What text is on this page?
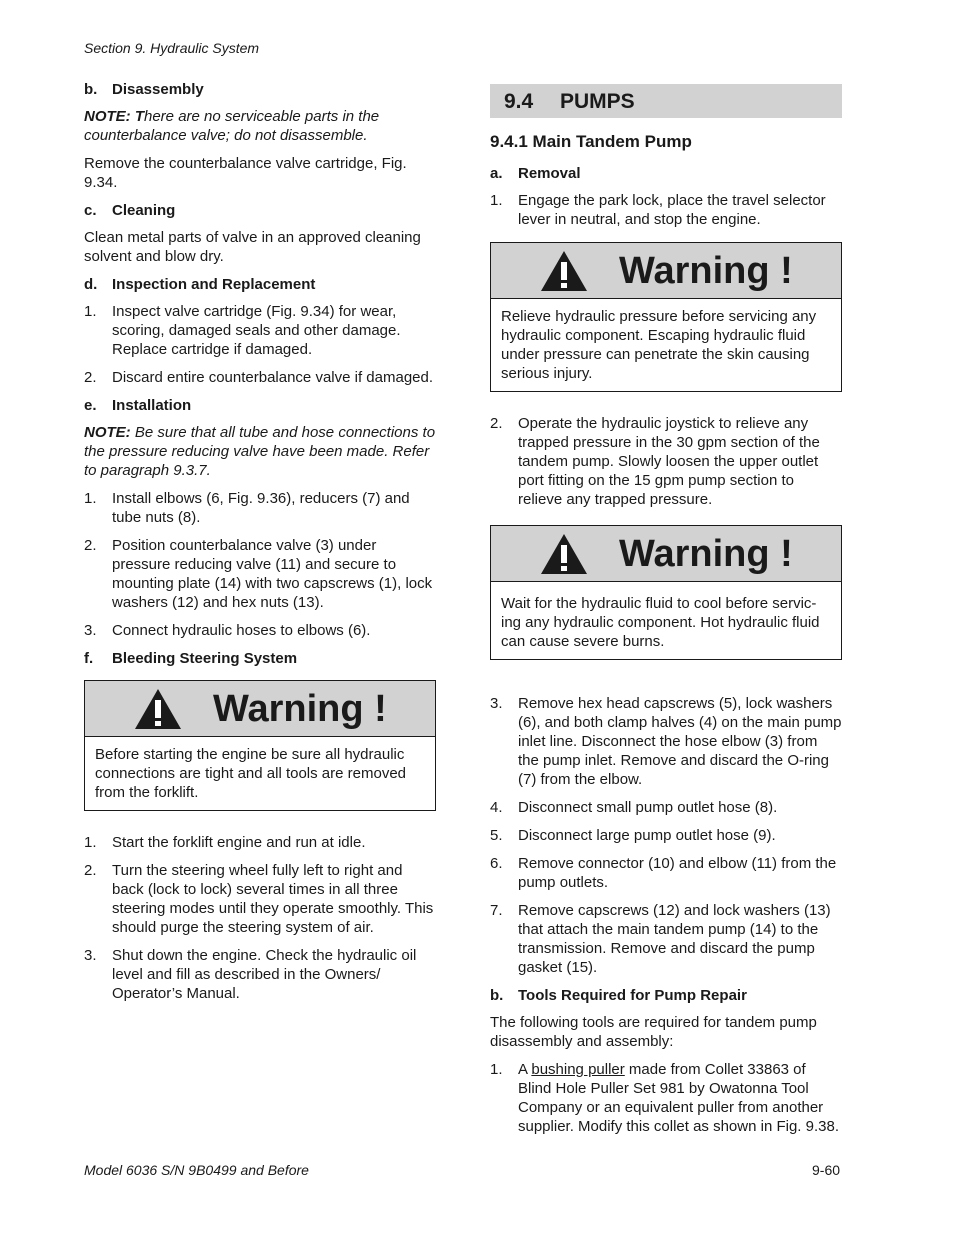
Section 9. Hydraulic System
b. Disassembly
NOTE: There are no serviceable parts in the counterbalance valve; do not disassemble.

Remove the counterbalance valve cartridge, Fig. 9.34.

c.	Cleaning

Clean metal parts of valve in an approved cleaning solvent and blow dry.

d. Inspection and Replacement
1.	Inspect valve cartridge (Fig. 9.34) for wear, scoring, damaged seals and other damage. Replace cartridge if damaged.
2.	Discard entire counterbalance valve if damaged.
e.	Installation
NOTE: Be sure that all tube and hose connections to the pressure reducing valve have been made. Refer to paragraph 9.3.7.
1.	Install elbows (6, Fig. 9.36), reducers (7) and tube nuts (8).
2.	Position counterbalance valve (3) under pressure reducing valve (11) and secure to mounting plate (14) with two capscrews (1), lock washers (12) and hex nuts (13).
3.	Connect hydraulic hoses to elbows (6).
f.	Bleeding Steering System
Warning !
Before starting the engine be sure all hydraulic connections are tight and all tools are removed from the forklift.
1.	Start the forklift engine and run at idle.
2.	Turn the steering wheel fully left to right and back (lock to lock) several times in all three steering modes until they operate smoothly. This should purge the steering system of air.
3.	Shut down the engine. Check the hydraulic oil level and fill as described in the Owners/ Operator’s Manual.
9.4	PUMPS
9.4.1 Main Tandem Pump
a.	Removal
1.	Engage the park lock, place the travel selector lever in neutral, and stop the engine.
Warning !
Relieve hydraulic pressure before servicing any hydraulic component. Escaping hydraulic fluid under pressure can penetrate the skin causing serious injury.
2.	Operate the hydraulic joystick to relieve any trapped pressure in the 30 gpm section of the tandem pump. Slowly loosen the upper outlet port fitting on the 15 gpm pump section to relieve any trapped pressure.
Warning !
Wait for the hydraulic fluid to cool before servicing any hydraulic component. Hot hydraulic fluid can cause severe burns.
3.	Remove hex head capscrews (5), lock washers (6), and both clamp halves (4) on the main pump inlet line. Disconnect the hose elbow (3) from the pump inlet. Remove and discard the O-ring (7) from the elbow.
4.	Disconnect small pump outlet hose (8).
5.	Disconnect large pump outlet hose (9).
6.	Remove connector (10) and elbow (11) from the pump outlets.
7.	Remove capscrews (12) and lock washers (13) that attach the main tandem pump (14) to the transmission. Remove and discard the pump gasket (15).
b. Tools Required for Pump Repair

The following tools are required for tandem pump disassembly and assembly:

1.	A bushing puller made from Collet 33863 of Blind Hole Puller Set 981 by Owatonna Tool Company or an equivalent puller from another supplier. Modify this collet as shown in Fig. 9.38.
Model 6036 S/N 9B0499 and Before	9-60
